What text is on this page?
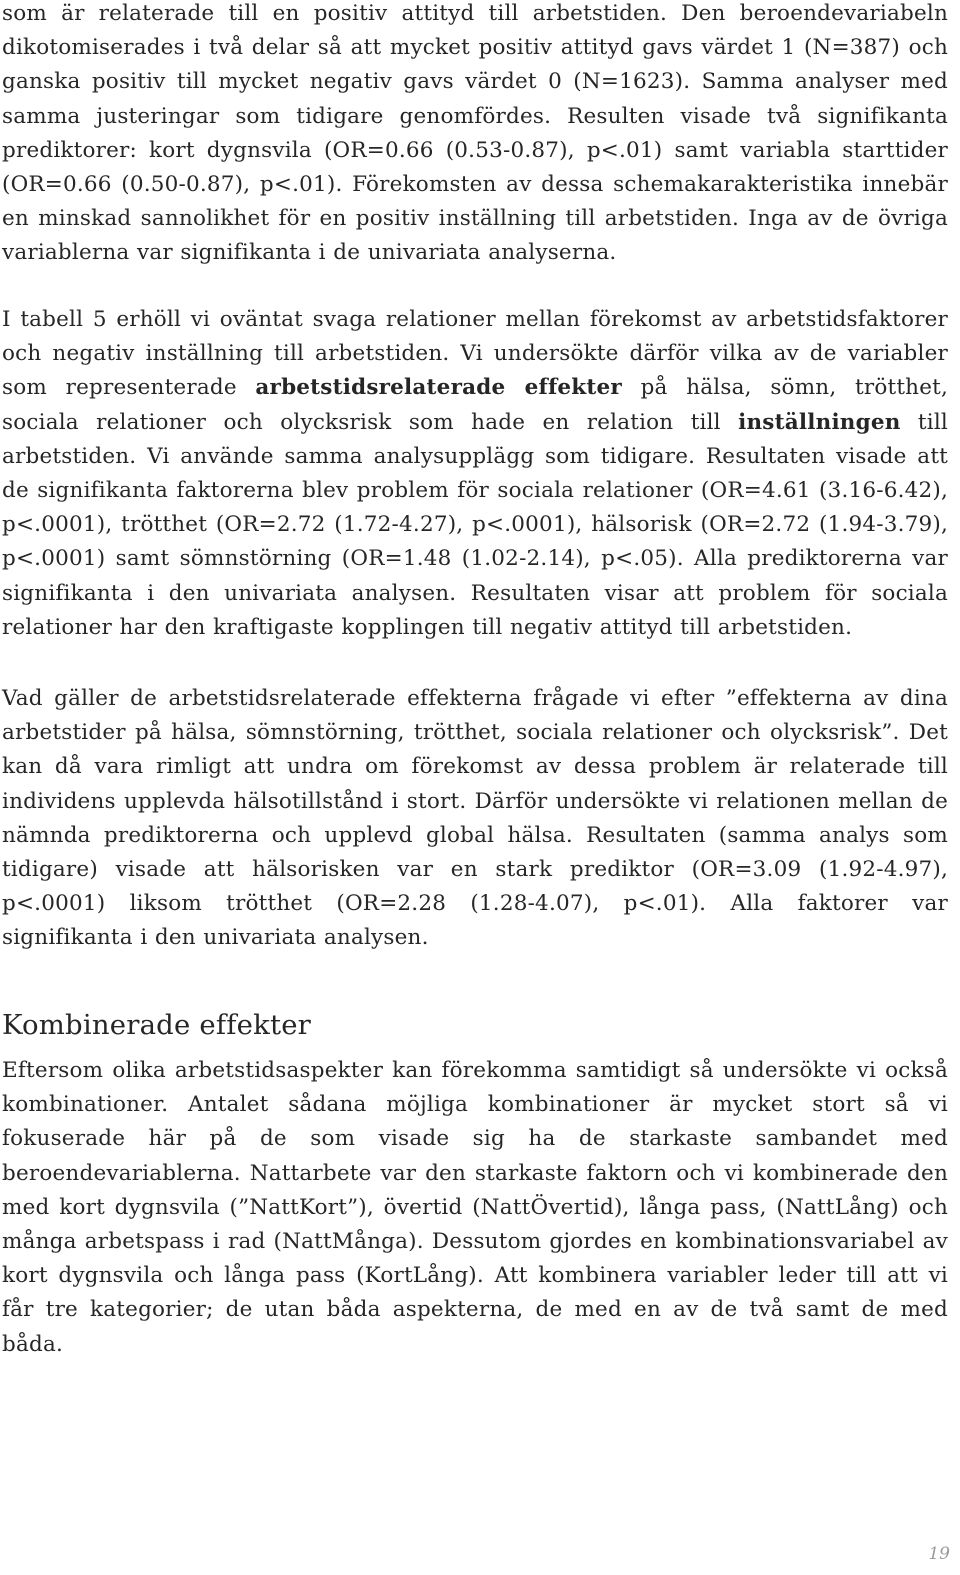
som är relaterade till en positiv attityd till arbetstiden. Den beroendevariabeln dikotomiserades i två delar så att mycket positiv attityd gavs värdet 1 (N=387) och ganska positiv till mycket negativ gavs värdet 0 (N=1623). Samma analyser med samma justeringar som tidigare genomfördes. Resulten visade två signifikanta prediktorer: kort dygnsvila (OR=0.66 (0.53-0.87), p<.01) samt variabla starttider (OR=0.66 (0.50-0.87), p<.01). Förekomsten av dessa schemakarakteristika innebär en minskad sannolikhet för en positiv inställning till arbetstiden. Inga av de övriga variablerna var signifikanta i de univariata analyserna.

I tabell 5 erhöll vi oväntat svaga relationer mellan förekomst av arbetstidsfaktorer och negativ inställning till arbetstiden. Vi undersökte därför vilka av de variabler som representerade arbetstidsrelaterade effekter på hälsa, sömn, trötthet, sociala relationer och olycksrisk som hade en relation till inställningen till arbetstiden. Vi använde samma analysupplägg som tidigare. Resultaten visade att de signifikanta faktorerna blev problem för sociala relationer (OR=4.61 (3.16-6.42), p<.0001), trötthet (OR=2.72 (1.72-4.27), p<.0001), hälsorisk (OR=2.72 (1.94-3.79), p<.0001) samt sömnstörning (OR=1.48 (1.02-2.14), p<.05). Alla prediktorerna var signifikanta i den univariata analysen. Resultaten visar att problem för sociala relationer har den kraftigaste kopplingen till negativ attityd till arbetstiden.

Vad gäller de arbetstidsrelaterade effekterna frågade vi efter ”effekterna av dina arbetstider på hälsa, sömnstörning, trötthet, sociala relationer och olycksrisk”. Det kan då vara rimligt att undra om förekomst av dessa problem är relaterade till individens upplevda hälsotillstånd i stort. Därför undersökte vi relationen mellan de nämnda prediktorerna och upplevd global hälsa. Resultaten (samma analys som tidigare) visade att hälsorisken var en stark prediktor (OR=3.09 (1.92-4.97), p<.0001) liksom trötthet (OR=2.28 (1.28-4.07), p<.01). Alla faktorer var signifikanta i den univariata analysen.

Kombinerade effekter

Eftersom olika arbetstidsaspekter kan förekomma samtidigt så undersökte vi också kombinationer. Antalet sådana möjliga kombinationer är mycket stort så vi fokuserade här på de som visade sig ha de starkaste sambandet med beroendevariablerna. Nattarbete var den starkaste faktorn och vi kombinerade den med kort dygnsvila (”NattKort”), övertid (NattÖvertid), långa pass, (NattLång) och många arbetspass i rad (NattMånga). Dessutom gjordes en kombinationsvariabel av kort dygnsvila och långa pass (KortLång). Att kombinera variabler leder till att vi får tre kategorier; de utan båda aspekterna, de med en av de två samt de med båda.

19
